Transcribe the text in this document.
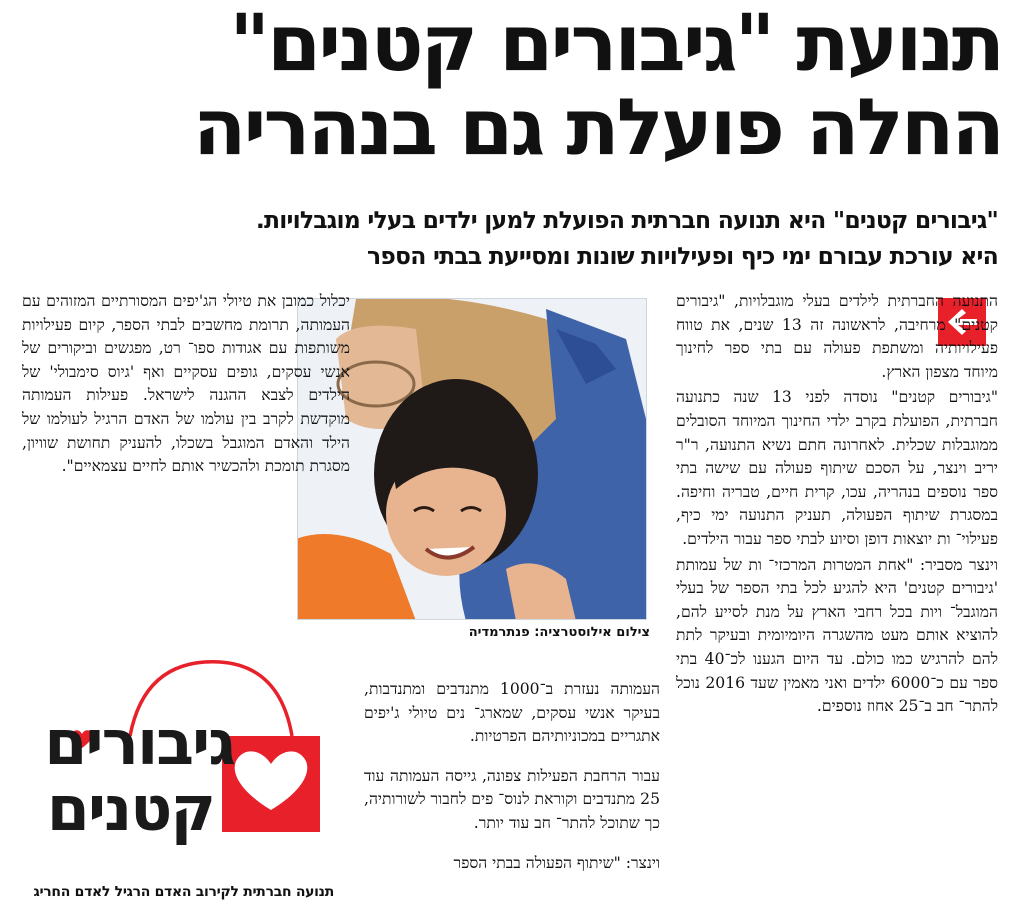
תנועת "גיבורים קטנים"
החלה פועלת גם בנהריה
"גיבורים קטנים" היא תנועה חברתית הפועלת למען ילדים בעלי מוגבלויות.
היא עורכת עבורם ימי כיף ופעילויות שונות ומסייעת בבתי הספר

התנועה החברתית לילדים בעלי מוגבלויות, "גיבורים קטנים" מרחיבה, לראשונה זה 13 שנים, את טווח פעילויותיה ומשתפת פעולה עם בתי ספר לחינוך מיוחד מצפון הארץ.

"גיבורים קטנים" נוסדה לפני 13 שנה כתנועה חברתית, הפועלת בקרב ילדי החינוך המיוחד הסובלים ממוגבלות שכלית. לאחרונה חתם נשיא התנועה, ר"ר יריב וינצר, על הסכם שיתוף פעולה עם שישה בתי ספר נוספים בנהריה, עכו, קרית חיים, טבריה וחיפה. במסגרת שיתוף הפעולה, תעניק התנועה ימי כיף, פעילוי־ ות יוצאות דופן וסיוע לבתי ספר עבור הילדים.

וינצר מסביר: "אחת המטרות המרכזי־ ות של עמותת 'גיבורים קטנים' היא להגיע לכל בתי הספר של בעלי המוגבל־ ויות בכל רחבי הארץ על מנת לסייע להם, להוציא אותם מעט מהשגרה היומיומית ובעיקר לתת להם להרגיש כמו כולם. עד היום הגענו לכ־40 בתי ספר עם כ־6000 ילדים ואני מאמין שעד 2016 נוכל להתר־ חב ב־25 אחוז נוספים.

צילום אילוסטרציה: פנתרמדיה

יכלול כמובן את טיולי הג'יפים המסורתיים המזוהים עם העמותה, תרומת מחשבים לבתי הספר, קיום פעילויות משותפות עם אגודות ספו־ רט, מפגשים וביקורים של אנשי עסקים, גופים עסקיים ואף 'גיוס סימבולי' של הילדים לצבא ההגנה לישראל. פעילות העמותה מוקדשת לקרב בין עולמו של האדם הרגיל לעולמו של הילד והאדם המוגבל בשכלו, להעניק תחושת שוויון, מסגרת תומכת ולהכשיר אותם לחיים עצמאיים".

העמותה נעזרת ב־1000 מתנדבים ומתנדבות, בעיקר אנשי עסקים, שמארג־ נים טיולי ג'יפים אתגריים במכוניותיהם הפרטיות.

עבור הרחבת הפעילות צפונה, גייסה העמותה עוד 25 מתנדבים וקוראת לנוס־ פים לחבור לשורותיה, כך שתוכל להתר־ חב עוד יותר.

וינצר: "שיתוף הפעולה בבתי הספר

גיבורים
קטנים
תנועה חברתית לקירוב האדם הרגיל לאדם החריג
